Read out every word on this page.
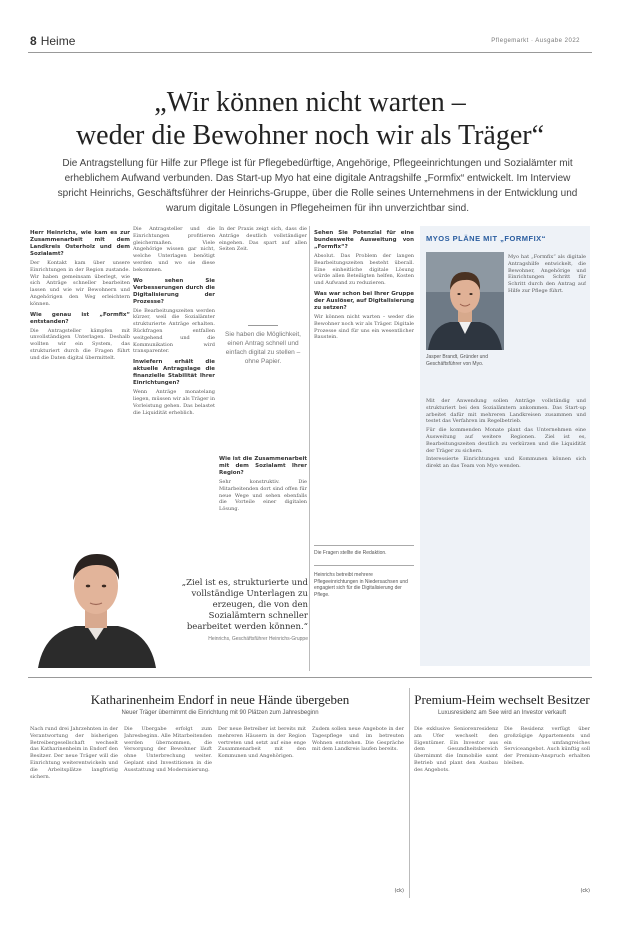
8 Heime	Pflegemarkt · Ausgabe 2022
„Wir können nicht warten –
weder die Bewohner noch wir als Träger“
Die Antragstellung für Hilfe zur Pflege ist für Pflegebedürftige, Angehörige, Pflegeeinrichtungen und Sozialämter mit erheblichem Aufwand verbunden. Das Start-up Myo hat eine digitale Antragshilfe „Formfix“ entwickelt. Im Interview spricht Heinrichs, Geschäftsführer der Heinrichs-Gruppe, über die Rolle seines Unternehmens in der Entwicklung und warum digitale Lösungen in Pflegeheimen für ihn unverzichtbar sind.
Herr Heinrichs, wie kam es zur Zusammenarbeit mit dem Landkreis Osterholz und dem Sozialamt?

Der Kontakt kam über unsere Einrichtungen in der Region zustande. Wir haben gemeinsam überlegt, wie sich Anträge schneller bearbeiten lassen und wie wir Bewohnern und Angehörigen den Weg erleichtern können.

Wie genau ist „Formfix“ entstanden?

Die Antragsteller kämpfen mit unvollständigen Unterlagen. Deshalb wollten wir ein System, das strukturiert durch die Fragen führt und die Daten digital übermittelt.

Die Antragsteller und die Einrichtungen profitieren gleichermaßen. Viele Angehörige wissen gar nicht, welche Unterlagen benötigt werden und wo sie diese bekommen.

Wo sehen Sie Verbesserungen durch die Digitalisierung der Prozesse?

Die Bearbeitungszeiten werden kürzer, weil die Sozialämter strukturierte Anträge erhalten. Rückfragen entfallen weitgehend und die Kommunikation wird transparenter.

Inwiefern erhält die aktuelle Antragslage die finanzielle Stabilität Ihrer Einrichtungen?

Wenn Anträge monatelang liegen, müssen wir als Träger in Vorleistung gehen. Das belastet die Liquidität erheblich.

In der Praxis zeigt sich, dass die Anträge deutlich vollständiger eingehen. Das spart auf allen Seiten Zeit.

Sie haben die Möglichkeit, einen Antrag schnell und einfach digital zu stellen – ohne Papier.
Wie ist die Zusammenarbeit mit dem Sozialamt Ihrer Region?

Sehr konstruktiv. Die Mitarbeitenden dort sind offen für neue Wege und sehen ebenfalls die Vorteile einer digitalen Lösung.

Sehen Sie Potenzial für eine bundesweite Ausweitung von „Formfix“?

Absolut. Das Problem der langen Bearbeitungszeiten besteht überall. Eine einheitliche digitale Lösung würde allen Beteiligten helfen, Kosten und Aufwand zu reduzieren.

Was war schon bei Ihrer Gruppe der Auslöser, auf Digitalisierung zu setzen?

Wir können nicht warten – weder die Bewohner noch wir als Träger. Digitale Prozesse sind für uns ein wesentlicher Baustein.

Die Fragen stellte die Redaktion.
Heinrichs betreibt mehrere Pflegeeinrichtungen in Niedersachsen und engagiert sich für die Digitalisierung der Pflege.
„Ziel ist es, strukturierte und vollständige Unterlagen zu erzeugen, die von den Sozialämtern schneller bearbeitet werden können.“
Heinrichs, Geschäftsführer Heinrichs-Gruppe
MYOS PLÄNE MIT „FORMFIX“
Jasper Brandt, Gründer und Geschäftsführer von Myo.

Myo hat „Formfix“ als digitale Antragshilfe entwickelt, die Bewohner, Angehörige und Einrichtungen Schritt für Schritt durch den Antrag auf Hilfe zur Pflege führt.

Mit der Anwendung sollen Anträge vollständig und strukturiert bei den Sozialämtern ankommen. Das Start-up arbeitet dafür mit mehreren Landkreisen zusammen und testet das Verfahren im Regelbetrieb.

Für die kommenden Monate plant das Unternehmen eine Ausweitung auf weitere Regionen. Ziel ist es, Bearbeitungszeiten deutlich zu verkürzen und die Liquidität der Träger zu sichern.

Interessierte Einrichtungen und Kommunen können sich direkt an das Team von Myo wenden.

Katharinenheim Endorf in neue Hände übergeben
Neuer Träger übernimmt die Einrichtung mit 90 Plätzen zum Jahresbeginn
Nach rund drei Jahrzehnten in der Verantwortung der bisherigen Betreibergesellschaft wechselt das Katharinenheim in Endorf den Besitzer. Der neue Träger will die Einrichtung weiterentwickeln und die Arbeitsplätze langfristig sichern.
Die Übergabe erfolgt zum Jahresbeginn. Alle Mitarbeitenden werden übernommen, die Versorgung der Bewohner läuft ohne Unterbrechung weiter. Geplant sind Investitionen in die Ausstattung und Modernisierung.
Der neue Betreiber ist bereits mit mehreren Häusern in der Region vertreten und setzt auf eine enge Zusammenarbeit mit den Kommunen und Angehörigen.
Zudem sollen neue Angebote in der Tagespflege und im betreuten Wohnen entstehen. Die Gespräche mit dem Landkreis laufen bereits.
(ck)
Premium-Heim wechselt Besitzer
Luxusresidenz am See wird an Investor verkauft
Die exklusive Seniorenresidenz am Ufer wechselt den Eigentümer. Ein Investor aus dem Gesundheitsbereich übernimmt die Immobilie samt Betrieb und plant den Ausbau des Angebots.
Die Residenz verfügt über großzügige Appartements und ein umfangreiches Serviceangebot. Auch künftig soll der Premium-Anspruch erhalten bleiben.
(ck)
